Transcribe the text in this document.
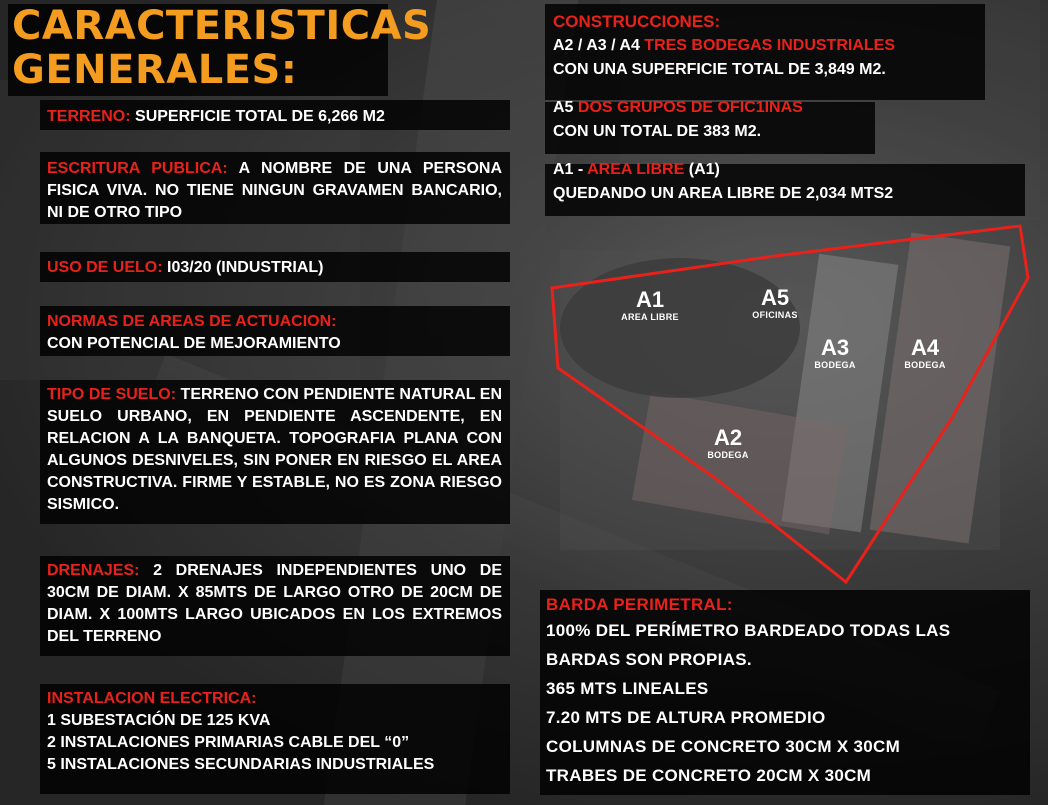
CARACTERISTICAS
GENERALES:
TERRENO: SUPERFICIE TOTAL DE 6,266 M2
ESCRITURA PUBLICA: A NOMBRE DE UNA PERSONA FISICA VIVA. NO TIENE NINGUN GRAVAMEN BANCARIO, NI DE OTRO TIPO
USO DE UELO: I03/20 (INDUSTRIAL)
NORMAS DE AREAS DE ACTUACION:
CON POTENCIAL DE MEJORAMIENTO
TIPO DE SUELO: TERRENO CON PENDIENTE NATURAL EN SUELO URBANO, EN PENDIENTE ASCENDENTE, EN RELACION A LA BANQUETA. TOPOGRAFIA PLANA CON ALGUNOS DESNIVELES, SIN PONER EN RIESGO EL AREA CONSTRUCTIVA. FIRME Y ESTABLE, NO ES ZONA RIESGO SISMICO.
DRENAJES: 2 DRENAJES INDEPENDIENTES UNO DE 30CM DE DIAM. X 85MTS DE LARGO OTRO DE 20CM DE DIAM. X 100MTS LARGO UBICADOS EN LOS EXTREMOS DEL TERRENO
INSTALACION ELECTRICA:
1 SUBESTACIÓN DE 125 KVA
2 INSTALACIONES PRIMARIAS CABLE DEL “0”
5 INSTALACIONES SECUNDARIAS INDUSTRIALES
CONSTRUCCIONES:
A2 / A3 / A4 TRES BODEGAS INDUSTRIALES
CON UNA SUPERFICIE TOTAL DE 3,849 M2.
A5 DOS GRUPOS DE OFIC1INAS
CON UN TOTAL DE 383 M2.
A1 - AREA LIBRE (A1)
QUEDANDO UN AREA LIBRE DE 2,034 MTS2
A1
AREA LIBRE
A5
OFICINAS
A3
BODEGA
A4
BODEGA
A2
BODEGA
BARDA PERIMETRAL:
100% DEL PERÍMETRO BARDEADO TODAS LAS
BARDAS SON PROPIAS.
365 MTS LINEALES
7.20 MTS DE ALTURA PROMEDIO
COLUMNAS DE CONCRETO 30CM X 30CM
TRABES DE CONCRETO 20CM X 30CM
